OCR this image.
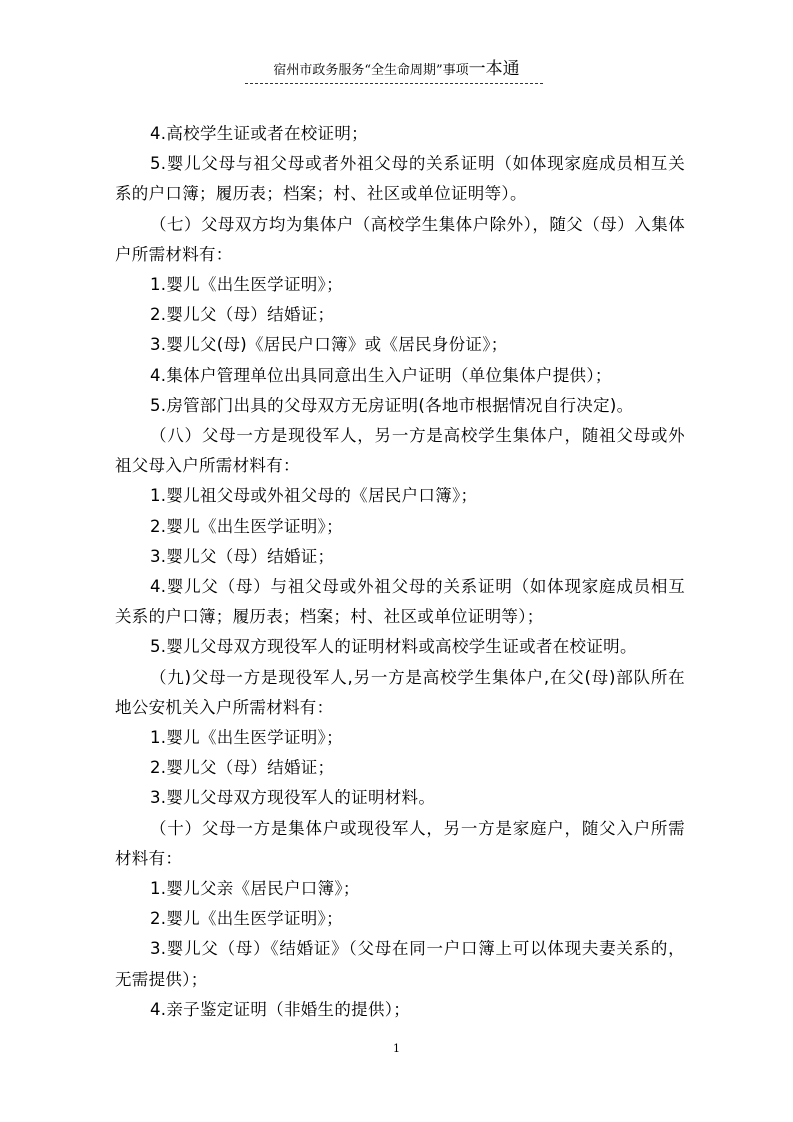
宿州市政务服务“全生命周期”事项一本通

4.高校学生证或者在校证明；

5.婴儿父母与祖父母或者外祖父母的关系证明（如体现家庭成员相互关系的户口簿；履历表；档案；村、社区或单位证明等）。

（七）父母双方均为集体户（高校学生集体户除外），随父（母）入集体户所需材料有：

1.婴儿《出生医学证明》；

2.婴儿父（母）结婚证；

3.婴儿父(母)《居民户口簿》或《居民身份证》；

4.集体户管理单位出具同意出生入户证明（单位集体户提供）；

5.房管部门出具的父母双方无房证明(各地市根据情况自行决定)。

（八）父母一方是现役军人，另一方是高校学生集体户，随祖父母或外祖父母入户所需材料有：

1.婴儿祖父母或外祖父母的《居民户口簿》；

2.婴儿《出生医学证明》；

3.婴儿父（母）结婚证；

4.婴儿父（母）与祖父母或外祖父母的关系证明（如体现家庭成员相互关系的户口簿；履历表；档案；村、社区或单位证明等）；

5.婴儿父母双方现役军人的证明材料或高校学生证或者在校证明。

（九)父母一方是现役军人,另一方是高校学生集体户,在父(母)部队所在地公安机关入户所需材料有：

1.婴儿《出生医学证明》；

2.婴儿父（母）结婚证；

3.婴儿父母双方现役军人的证明材料。

（十）父母一方是集体户或现役军人，另一方是家庭户，随父入户所需材料有：

1.婴儿父亲《居民户口簿》；

2.婴儿《出生医学证明》；

3.婴儿父（母）《结婚证》（父母在同一户口簿上可以体现夫妻关系的，无需提供）；

4.亲子鉴定证明（非婚生的提供）；

1
